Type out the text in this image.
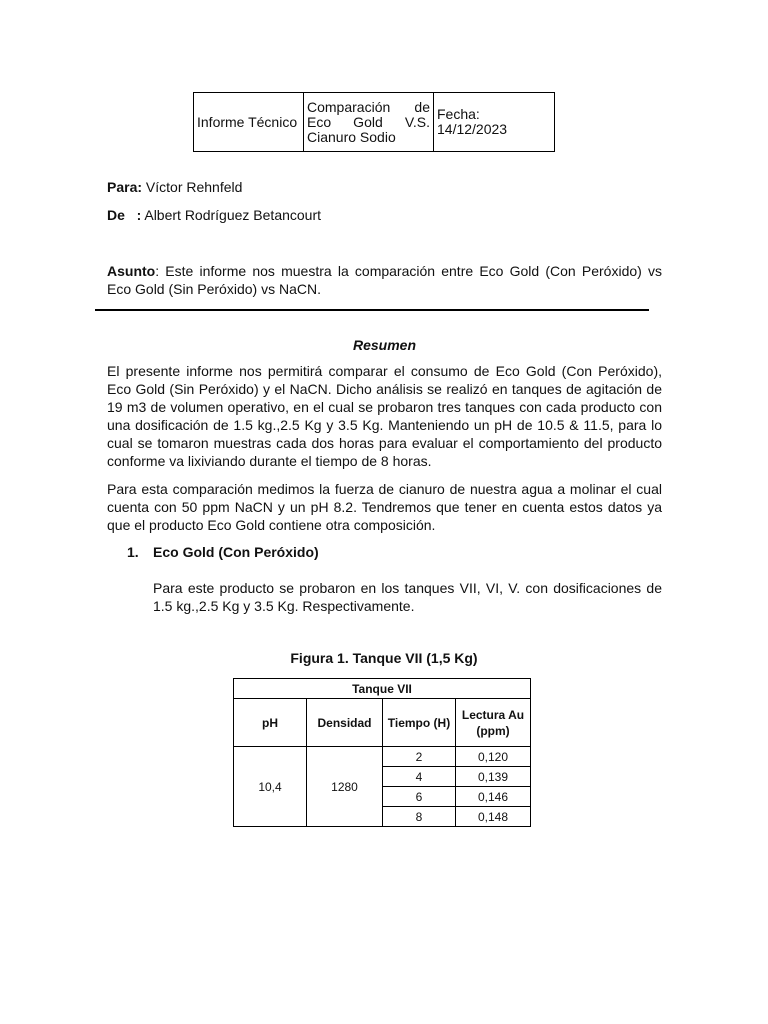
Informe Técnico	Comparación de Eco Gold V.S. Cianuro Sodio	Fecha: 14/12/2023
Para: Víctor Rehnfeld
De   : Albert Rodríguez Betancourt

Asunto: Este informe nos muestra la comparación entre Eco Gold (Con Peróxido) vs Eco Gold (Sin Peróxido) vs NaCN.

Resumen

El presente informe nos permitirá comparar el consumo de Eco Gold (Con Peróxido), Eco Gold (Sin Peróxido) y el NaCN. Dicho análisis se realizó en tanques de agitación de 19 m3 de volumen operativo, en el cual se probaron tres tanques con cada producto con una dosificación de 1.5 kg.,2.5 Kg y 3.5 Kg. Manteniendo un pH de 10.5 & 11.5, para lo cual se tomaron muestras cada dos horas para evaluar el comportamiento del producto conforme va lixiviando durante el tiempo de 8 horas.

Para esta comparación medimos la fuerza de cianuro de nuestra agua a molinar el cual cuenta con 50 ppm NaCN y un pH 8.2. Tendremos que tener en cuenta estos datos ya que el producto Eco Gold contiene otra composición.

1. Eco Gold (Con Peróxido)

Para este producto se probaron en los tanques VII, VI, V. con dosificaciones de 1.5 kg.,2.5 Kg y 3.5 Kg. Respectivamente.

Figura 1. Tanque VII (1,5 Kg)
Tanque VII			
pH	Densidad	Tiempo (H)	Lectura Au (ppm)
10,4	1280	2	0,120
		4	0,139
		6	0,146
		8	0,148
